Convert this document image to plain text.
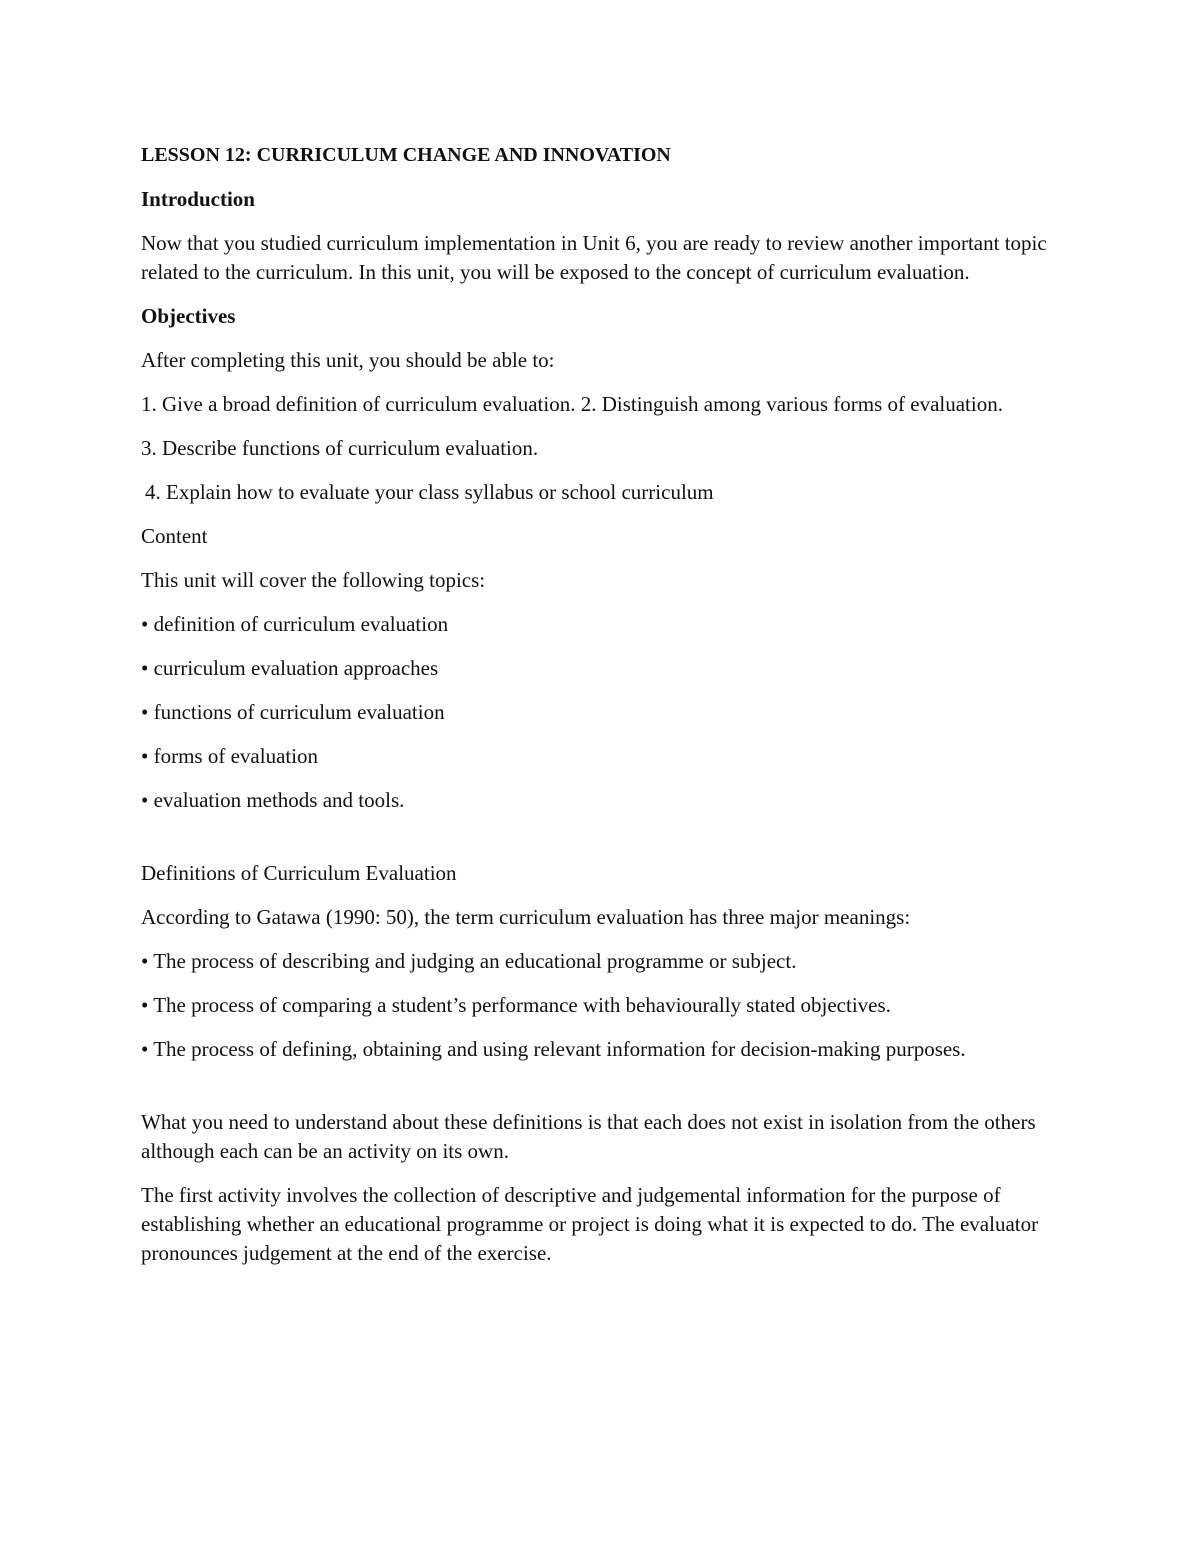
LESSON 12: CURRICULUM CHANGE AND INNOVATION

Introduction

Now that you studied curriculum implementation in Unit 6, you are ready to review another important topic related to the curriculum. In this unit, you will be exposed to the concept of curriculum evaluation.

Objectives

After completing this unit, you should be able to:

1. Give a broad definition of curriculum evaluation. 2. Distinguish among various forms of evaluation.

3. Describe functions of curriculum evaluation.

4. Explain how to evaluate your class syllabus or school curriculum

Content

This unit will cover the following topics:

• definition of curriculum evaluation

• curriculum evaluation approaches

• functions of curriculum evaluation

• forms of evaluation

• evaluation methods and tools.

Definitions of Curriculum Evaluation

According to Gatawa (1990: 50), the term curriculum evaluation has three major meanings:

• The process of describing and judging an educational programme or subject.

• The process of comparing a student’s performance with behaviourally stated objectives.

• The process of defining, obtaining and using relevant information for decision-making purposes.

What you need to understand about these definitions is that each does not exist in isolation from the others although each can be an activity on its own.

The first activity involves the collection of descriptive and judgemental information for the purpose of establishing whether an educational programme or project is doing what it is expected to do. The evaluator pronounces judgement at the end of the exercise.
